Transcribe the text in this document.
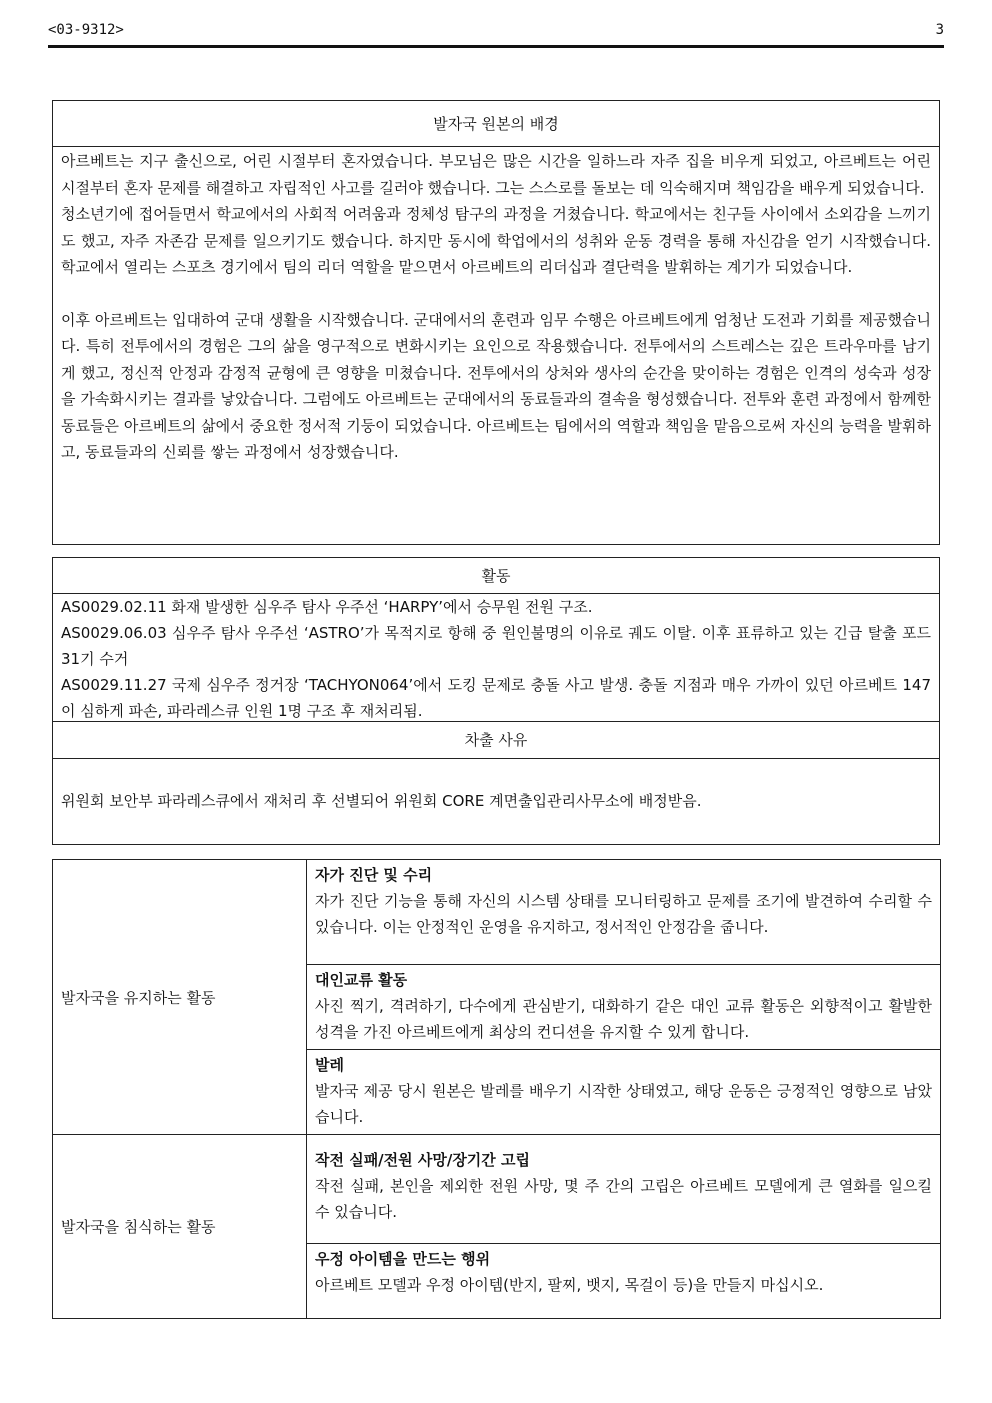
<03-9312>	3
발자국 원본의 배경

아르베트는 지구 출신으로, 어린 시절부터 혼자였습니다. 부모님은 많은 시간을 일하느라 자주 집을 비우게 되었고, 아르베트는 어린 시절부터 혼자 문제를 해결하고 자립적인 사고를 길러야 했습니다. 그는 스스로를 돌보는 데 익숙해지며 책임감을 배우게 되었습니다.

청소년기에 접어들면서 학교에서의 사회적 어려움과 정체성 탐구의 과정을 거쳤습니다. 학교에서는 친구들 사이에서 소외감을 느끼기도 했고, 자주 자존감 문제를 일으키기도 했습니다. 하지만 동시에 학업에서의 성취와 운동 경력을 통해 자신감을 얻기 시작했습니다. 학교에서 열리는 스포츠 경기에서 팀의 리더 역할을 맡으면서 아르베트의 리더십과 결단력을 발휘하는 계기가 되었습니다.

이후 아르베트는 입대하여 군대 생활을 시작했습니다. 군대에서의 훈련과 임무 수행은 아르베트에게 엄청난 도전과 기회를 제공했습니다. 특히 전투에서의 경험은 그의 삶을 영구적으로 변화시키는 요인으로 작용했습니다. 전투에서의 스트레스는 깊은 트라우마를 남기게 했고, 정신적 안정과 감정적 균형에 큰 영향을 미쳤습니다. 전투에서의 상처와 생사의 순간을 맞이하는 경험은 인격의 성숙과 성장을 가속화시키는 결과를 낳았습니다. 그럼에도 아르베트는 군대에서의 동료들과의 결속을 형성했습니다. 전투와 훈련 과정에서 함께한 동료들은 아르베트의 삶에서 중요한 정서적 기둥이 되었습니다. 아르베트는 팀에서의 역할과 책임을 맡음으로써 자신의 능력을 발휘하고, 동료들과의 신뢰를 쌓는 과정에서 성장했습니다.

활동

AS0029.02.11 화재 발생한 심우주 탐사 우주선 ‘HARPY’에서 승무원 전원 구조.

AS0029.06.03 심우주 탐사 우주선 ‘ASTRO’가 목적지로 항해 중 원인불명의 이유로 궤도 이탈. 이후 표류하고 있는 긴급 탈출 포드 31기 수거

AS0029.11.27 국제 심우주 정거장 ‘TACHYON064’에서 도킹 문제로 충돌 사고 발생. 충돌 지점과 매우 가까이 있던 아르베트 147이 심하게 파손, 파라레스큐 인원 1명 구조 후 재처리됨.

차출 사유
위원회 보안부 파라레스큐에서 재처리 후 선별되어 위원회 CORE 계면출입관리사무소에 배정받음.
발자국을 유지하는 활동	자가 진단 및 수리
자가 진단 기능을 통해 자신의 시스템 상태를 모니터링하고 문제를 조기에 발견하여 수리할 수 있습니다. 이는 안정적인 운영을 유지하고, 정서적인 안정감을 줍니다.

	대인교류 활동
사진 찍기, 격려하기, 다수에게 관심받기, 대화하기 같은 대인 교류 활동은 외향적이고 활발한 성격을 가진 아르베트에게 최상의 컨디션을 유지할 수 있게 합니다.

	발레
발자국 제공 당시 원본은 발레를 배우기 시작한 상태였고, 해당 운동은 긍정적인 영향으로 남았습니다.

발자국을 침식하는 활동	작전 실패/전원 사망/장기간 고립
작전 실패, 본인을 제외한 전원 사망, 몇 주 간의 고립은 아르베트 모델에게 큰 열화를 일으킬 수 있습니다.

	우정 아이템을 만드는 행위
아르베트 모델과 우정 아이템(반지, 팔찌, 뱃지, 목걸이 등)을 만들지 마십시오.
